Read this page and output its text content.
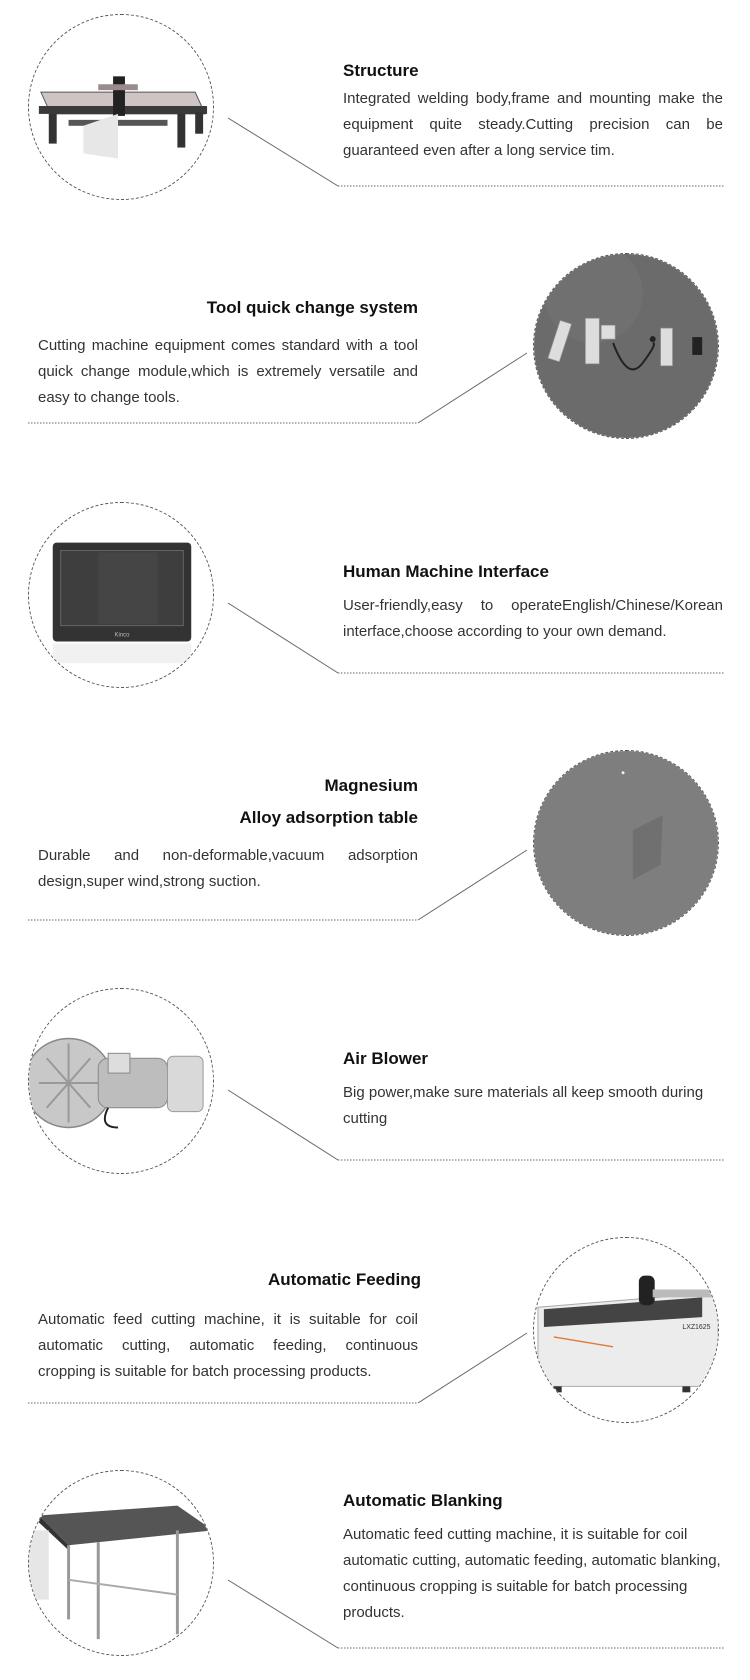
Structure

Integrated welding body,frame and mounting make the equipment quite steady.Cutting precision can be guaranteed even after a long service tim.

Tool quick change system

Cutting machine equipment comes standard with a tool quick change module,which is extremely versatile and easy to change tools.

Kinco
Human Machine Interface

User-friendly,easy to operateEnglish/Chinese/Korean interface,choose according to your own demand.

Magnesium
Alloy adsorption table

Durable and non-deformable,vacuum adsorption design,super wind,strong suction.

Air Blower

Big power,make sure materials all keep smooth during cutting

Automatic Feeding

Automatic feed cutting machine, it is suitable for coil automatic cutting, automatic feeding, continuous cropping is suitable for batch processing products.

LXZ1625
Automatic Blanking

Automatic feed cutting machine, it is suitable for coil automatic cutting, automatic feeding, automatic blanking, continuous cropping is suitable for batch processing products.
